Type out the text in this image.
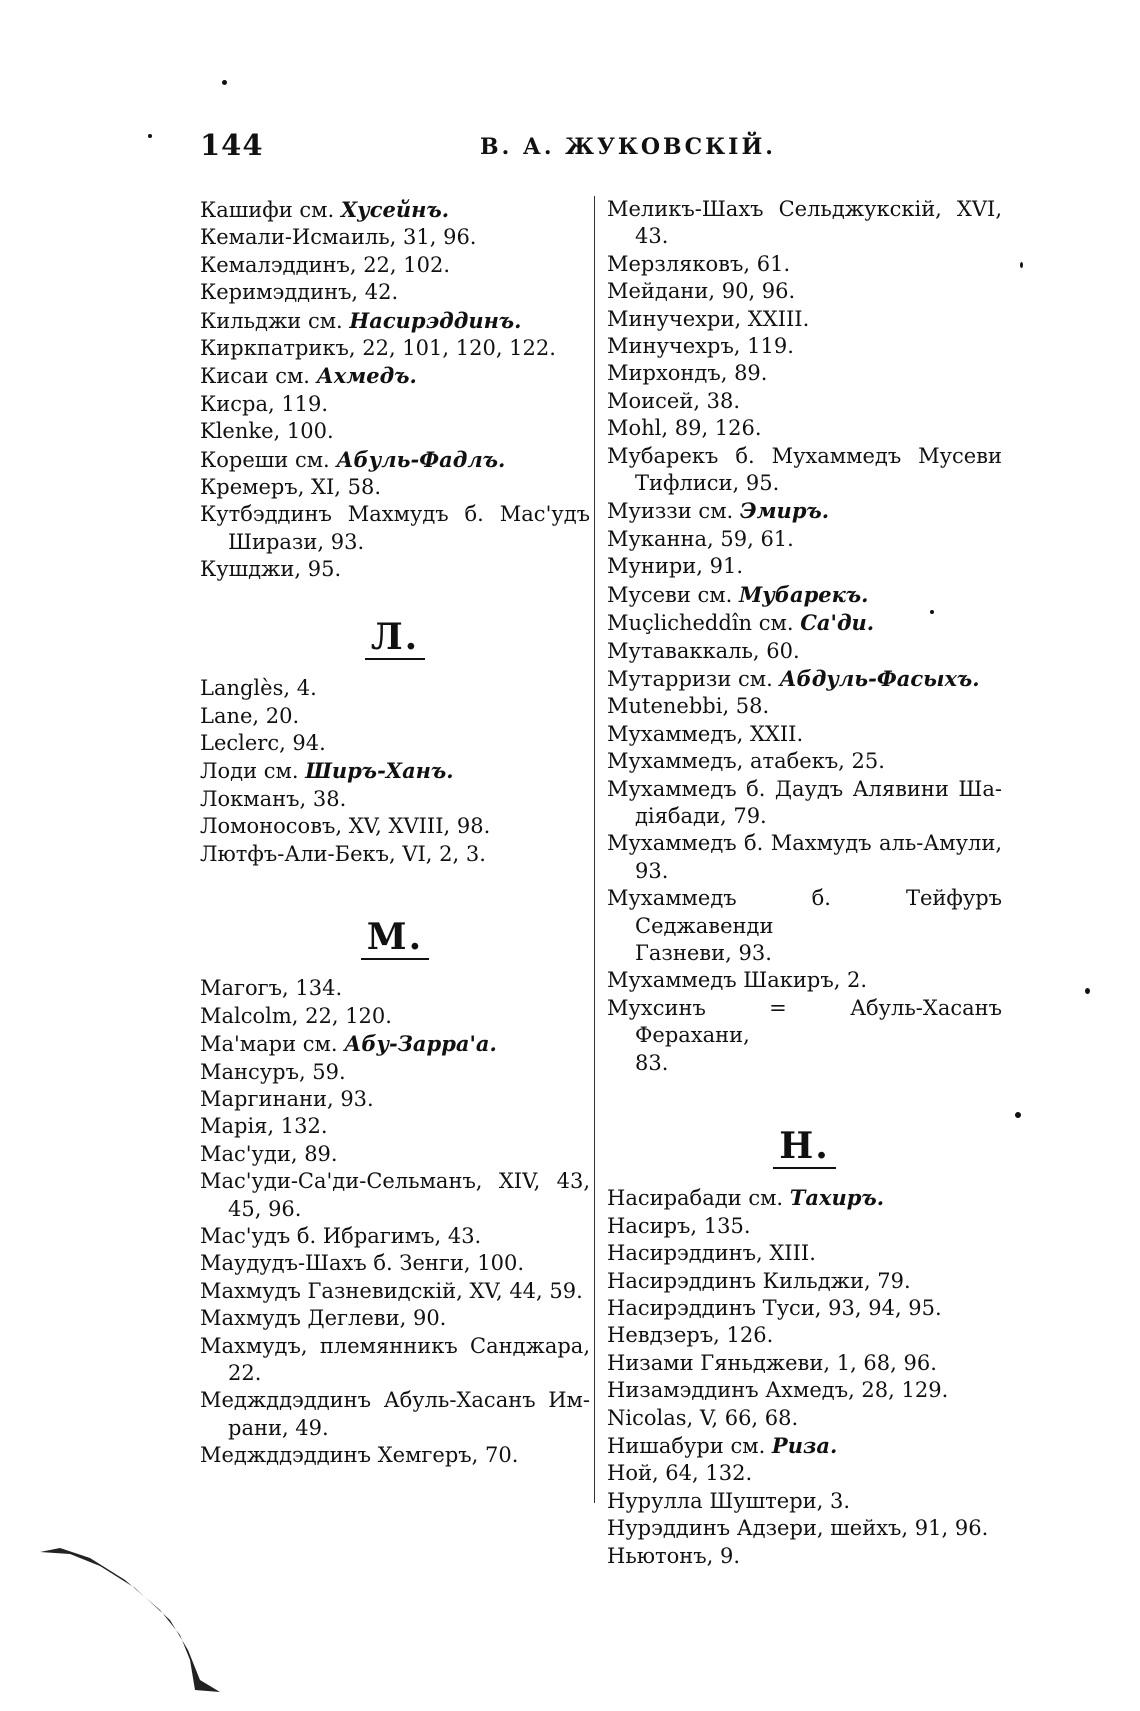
144	В. А. ЖУКОВСКІЙ.
Кашифи см. Хусейнъ.
Кемали-Исмаиль, 31, 96.
Кемалэддинъ, 22, 102.
Керимэддинъ, 42.
Кильджи см. Насирэддинъ.
Киркпатрикъ, 22, 101, 120, 122.
Кисаи см. Ахмедъ.
Кисра, 119.
Klenke, 100.
Кореши см. Абуль-Фадлъ.
Кремеръ, XI, 58.
Кутбэддинъ Махмудъ б. Мас'удъ
Ширази, 93.
Кушджи, 95.
Л.
Langlès, 4.
Lane, 20.
Leclerc, 94.
Лоди см. Ширъ-Ханъ.
Локманъ, 38.
Ломоносовъ, XV, XVIII, 98.
Лютфъ-Али-Бекъ, VI, 2, 3.
М.
Магогъ, 134.
Malcolm, 22, 120.
Ма'мари см. Абу-Зарра'а.
Мансуръ, 59.
Маргинани, 93.
Марія, 132.
Мас'уди, 89.
Мас'уди-Са'ди-Сельманъ, XIV, 43,
45, 96.
Мас'удъ б. Ибрагимъ, 43.
Маудудъ-Шахъ б. Зенги, 100.
Махмудъ Газневидскій, XV, 44, 59.
Махмудъ Деглеви, 90.
Махмудъ, племянникъ Санджара,
22.
Меджддэддинъ Абуль-Хасанъ Им-
рани, 49.
Меджддэддинъ Хемгеръ, 70.
Меликъ-Шахъ Сельджукскій, XVI,
43.
Мерзляковъ, 61.
Мейдани, 90, 96.
Минучехри, XXIII.
Минучехръ, 119.
Мирхондъ, 89.
Моисей, 38.
Mohl, 89, 126.
Мубарекъ б. Мухаммедъ Мусеви
Тифлиси, 95.
Муиззи см. Эмиръ.
Муканна, 59, 61.
Мунири, 91.
Мусеви см. Мубарекъ.
Muçlicheddîn см. Са'ди.
Мутаваккаль, 60.
Мутарризи см. Абдуль-Фасыхъ.
Mutenebbi, 58.
Мухаммедъ, XXII.
Мухаммедъ, атабекъ, 25.
Мухаммедъ б. Даудъ Алявини Ша-
дiябади, 79.
Мухаммедъ б. Махмудъ аль-Амули,
93.
Мухаммедъ б. Тейфуръ Седжавенди
Газневи, 93.
Мухаммедъ Шакиръ, 2.
Мухсинъ = Абуль-Хасанъ Ферахани,
83.
Н.
Насирабади см. Тахиръ.
Насиръ, 135.
Насирэддинъ, XIII.
Насирэддинъ Кильджи, 79.
Насирэддинъ Туси, 93, 94, 95.
Невдзеръ, 126.
Низами Гяньджеви, 1, 68, 96.
Низамэддинъ Ахмедъ, 28, 129.
Nicolas, V, 66, 68.
Нишабури см. Риза.
Ной, 64, 132.
Нурулла Шуштери, 3.
Нурэддинъ Адзери, шейхъ, 91, 96.
Ньютонъ, 9.
